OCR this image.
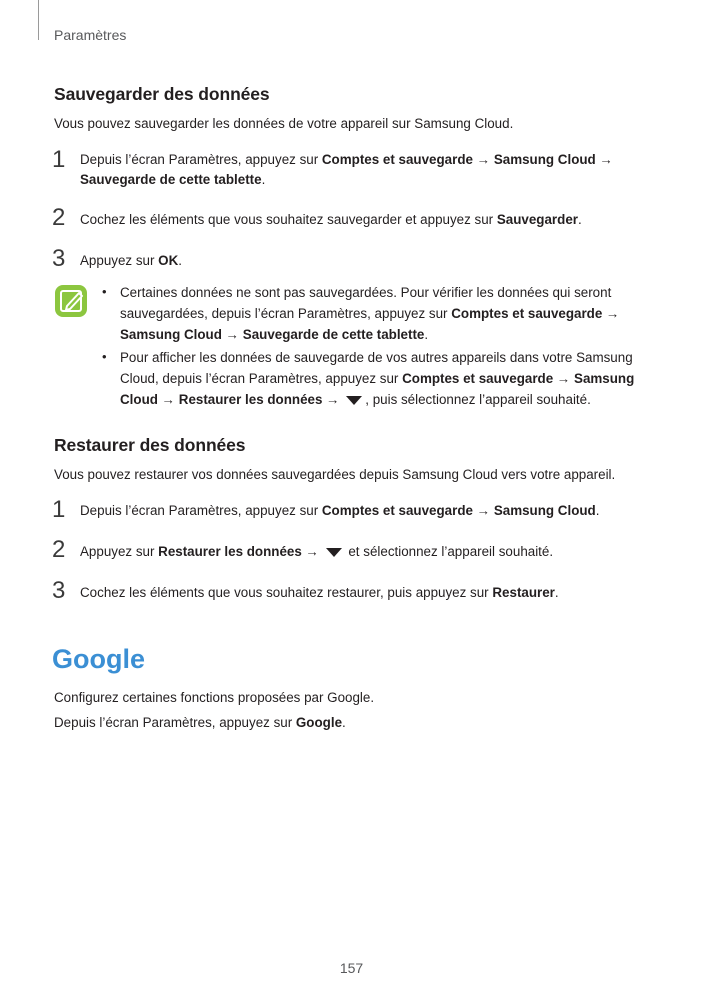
Paramètres
Sauvegarder des données
Vous pouvez sauvegarder les données de votre appareil sur Samsung Cloud.
1 Depuis l’écran Paramètres, appuyez sur Comptes et sauvegarde → Samsung Cloud →
Sauvegarde de cette tablette.
2 Cochez les éléments que vous souhaitez sauvegarder et appuyez sur Sauvegarder.
3 Appuyez sur OK.
• Certaines données ne sont pas sauvegardées. Pour vérifier les données qui seront
sauvegardées, depuis l’écran Paramètres, appuyez sur Comptes et sauvegarde →
Samsung Cloud → Sauvegarde de cette tablette.
• Pour afficher les données de sauvegarde de vos autres appareils dans votre Samsung
Cloud, depuis l’écran Paramètres, appuyez sur Comptes et sauvegarde → Samsung
Cloud → Restaurer les données → , puis sélectionnez l’appareil souhaité.
Restaurer des données
Vous pouvez restaurer vos données sauvegardées depuis Samsung Cloud vers votre appareil.
1 Depuis l’écran Paramètres, appuyez sur Comptes et sauvegarde → Samsung Cloud.
2 Appuyez sur Restaurer les données →  et sélectionnez l’appareil souhaité.
3 Cochez les éléments que vous souhaitez restaurer, puis appuyez sur Restaurer.
Google
Configurez certaines fonctions proposées par Google.
Depuis l’écran Paramètres, appuyez sur Google.
157
